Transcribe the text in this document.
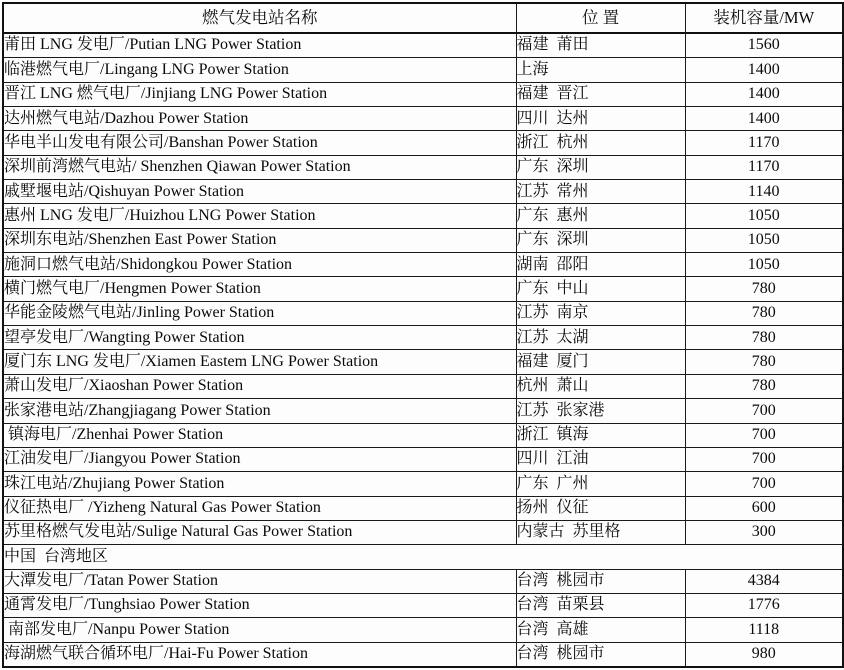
燃气发电站名称	位 置	装机容量/MW
莆田 LNG 发电厂/Putian LNG Power Station	福建  莆田	1560
临港燃气电厂/Lingang LNG Power Station	上海	1400
晋江 LNG 燃气电厂/Jinjiang LNG Power Station	福建  晋江	1400
达州燃气电站/Dazhou Power Station	四川  达州	1400
华电半山发电有限公司/Banshan Power Station	浙江  杭州	1170
深圳前湾燃气电站/ Shenzhen Qiawan Power Station	广东  深圳	1170
戚墅堰电站/Qishuyan Power Station	江苏  常州	1140
惠州 LNG 发电厂/Huizhou LNG Power Station	广东  惠州	1050
深圳东电站/Shenzhen East Power Station	广东  深圳	1050
施洞口燃气电站/Shidongkou Power Station	湖南  邵阳	1050
横门燃气电厂/Hengmen Power Station	广东  中山	780
华能金陵燃气电站/Jinling Power Station	江苏  南京	780
望亭发电厂/Wangting Power Station	江苏  太湖	780
厦门东 LNG 发电厂/Xiamen Eastem LNG Power Station	福建  厦门	780
萧山发电厂/Xiaoshan Power Station	杭州  萧山	780
张家港电站/Zhangjiagang Power Station	江苏  张家港	700
镇海电厂/Zhenhai Power Station	浙江  镇海	700
江油发电厂/Jiangyou Power Station	四川  江油	700
珠江电站/Zhujiang Power Station	广东  广州	700
仪征热电厂 /Yizheng Natural Gas Power Station	扬州  仪征	600
苏里格燃气发电站/Sulige Natural Gas Power Station	内蒙古  苏里格	300
中国  台湾地区		
大潭发电厂/Tatan Power Station	台湾  桃园市	4384
通霄发电厂/Tunghsiao Power Station	台湾  苗栗县	1776
南部发电厂/Nanpu Power Station	台湾  高雄	1118
海湖燃气联合循环电厂/Hai-Fu Power Station	台湾  桃园市	980
